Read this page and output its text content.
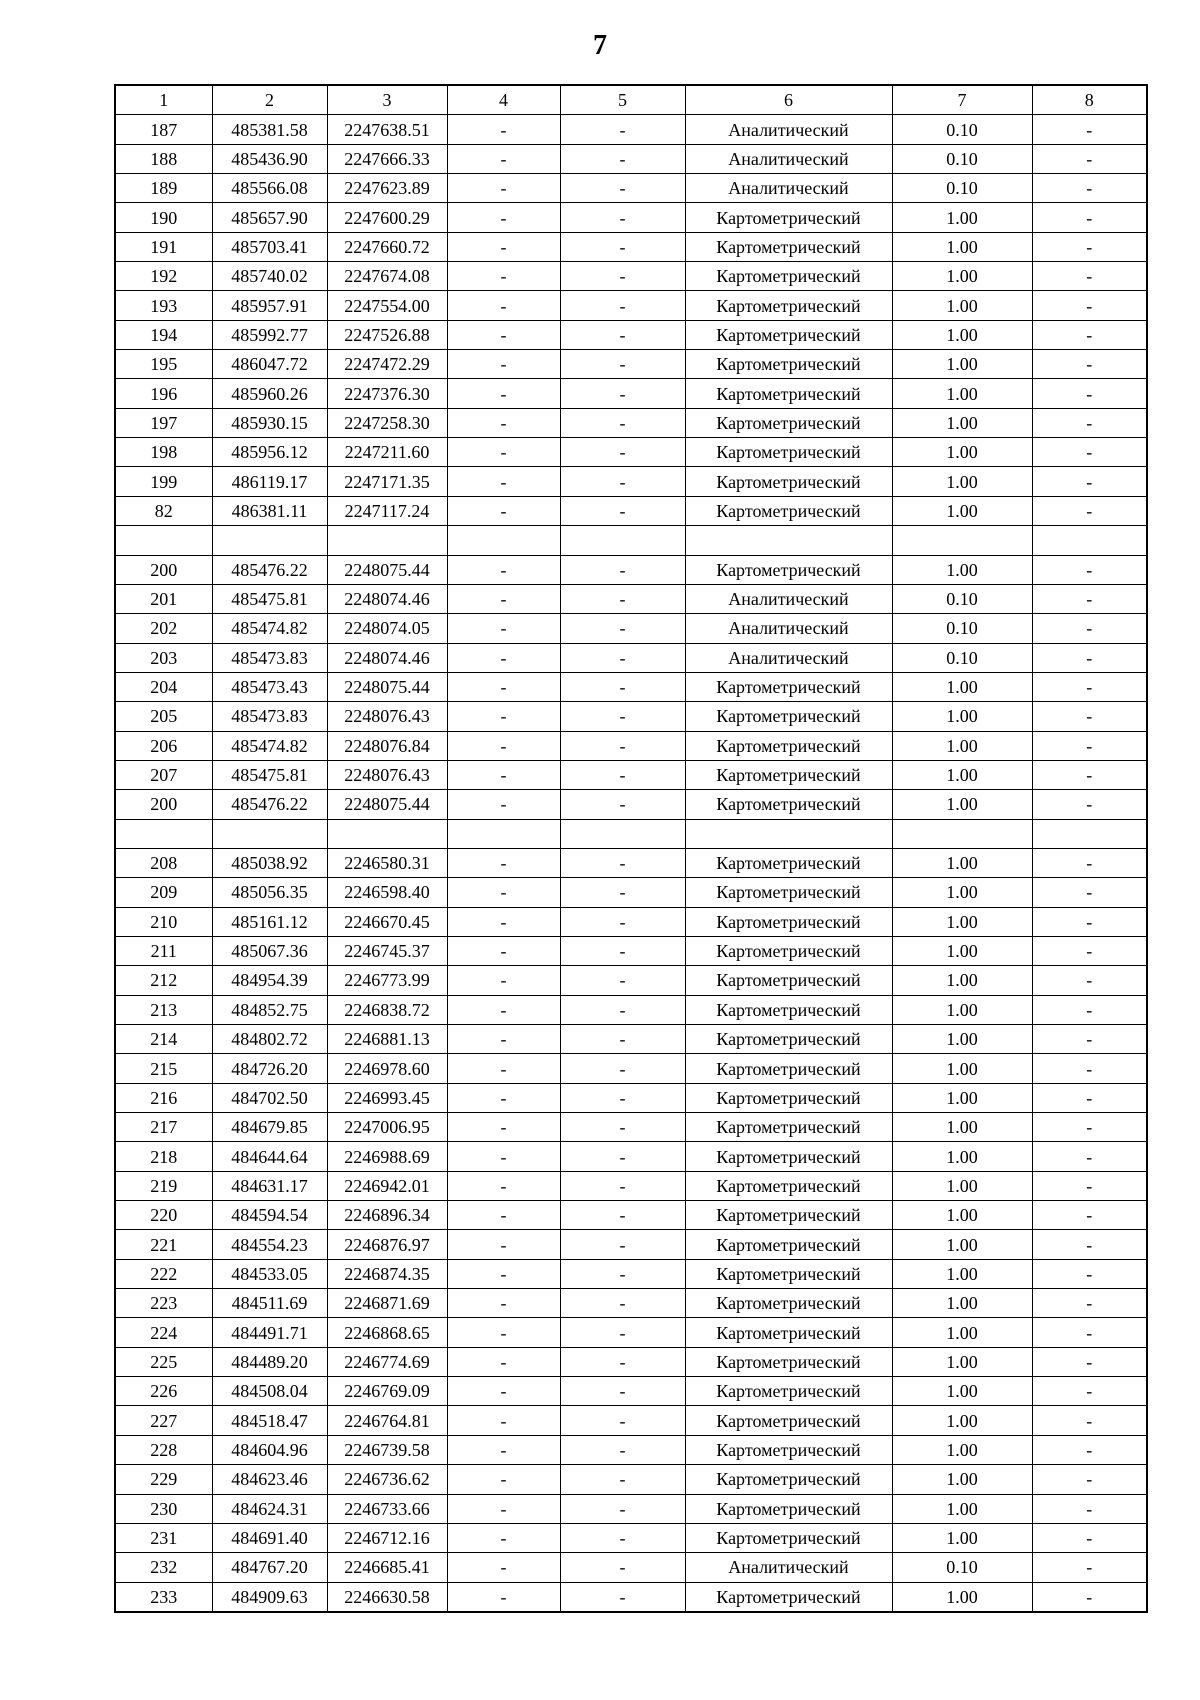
7
1	2	3	4	5	6	7	8
187	485381.58	2247638.51	-	-	Аналитический	0.10	-
188	485436.90	2247666.33	-	-	Аналитический	0.10	-
189	485566.08	2247623.89	-	-	Аналитический	0.10	-
190	485657.90	2247600.29	-	-	Картометрический	1.00	-
191	485703.41	2247660.72	-	-	Картометрический	1.00	-
192	485740.02	2247674.08	-	-	Картометрический	1.00	-
193	485957.91	2247554.00	-	-	Картометрический	1.00	-
194	485992.77	2247526.88	-	-	Картометрический	1.00	-
195	486047.72	2247472.29	-	-	Картометрический	1.00	-
196	485960.26	2247376.30	-	-	Картометрический	1.00	-
197	485930.15	2247258.30	-	-	Картометрический	1.00	-
198	485956.12	2247211.60	-	-	Картометрический	1.00	-
199	486119.17	2247171.35	-	-	Картометрический	1.00	-
82	486381.11	2247117.24	-	-	Картометрический	1.00	-

200	485476.22	2248075.44	-	-	Картометрический	1.00	-
201	485475.81	2248074.46	-	-	Аналитический	0.10	-
202	485474.82	2248074.05	-	-	Аналитический	0.10	-
203	485473.83	2248074.46	-	-	Аналитический	0.10	-
204	485473.43	2248075.44	-	-	Картометрический	1.00	-
205	485473.83	2248076.43	-	-	Картометрический	1.00	-
206	485474.82	2248076.84	-	-	Картометрический	1.00	-
207	485475.81	2248076.43	-	-	Картометрический	1.00	-
200	485476.22	2248075.44	-	-	Картометрический	1.00	-

208	485038.92	2246580.31	-	-	Картометрический	1.00	-
209	485056.35	2246598.40	-	-	Картометрический	1.00	-
210	485161.12	2246670.45	-	-	Картометрический	1.00	-
211	485067.36	2246745.37	-	-	Картометрический	1.00	-
212	484954.39	2246773.99	-	-	Картометрический	1.00	-
213	484852.75	2246838.72	-	-	Картометрический	1.00	-
214	484802.72	2246881.13	-	-	Картометрический	1.00	-
215	484726.20	2246978.60	-	-	Картометрический	1.00	-
216	484702.50	2246993.45	-	-	Картометрический	1.00	-
217	484679.85	2247006.95	-	-	Картометрический	1.00	-
218	484644.64	2246988.69	-	-	Картометрический	1.00	-
219	484631.17	2246942.01	-	-	Картометрический	1.00	-
220	484594.54	2246896.34	-	-	Картометрический	1.00	-
221	484554.23	2246876.97	-	-	Картометрический	1.00	-
222	484533.05	2246874.35	-	-	Картометрический	1.00	-
223	484511.69	2246871.69	-	-	Картометрический	1.00	-
224	484491.71	2246868.65	-	-	Картометрический	1.00	-
225	484489.20	2246774.69	-	-	Картометрический	1.00	-
226	484508.04	2246769.09	-	-	Картометрический	1.00	-
227	484518.47	2246764.81	-	-	Картометрический	1.00	-
228	484604.96	2246739.58	-	-	Картометрический	1.00	-
229	484623.46	2246736.62	-	-	Картометрический	1.00	-
230	484624.31	2246733.66	-	-	Картометрический	1.00	-
231	484691.40	2246712.16	-	-	Картометрический	1.00	-
232	484767.20	2246685.41	-	-	Аналитический	0.10	-
233	484909.63	2246630.58	-	-	Картометрический	1.00	-
